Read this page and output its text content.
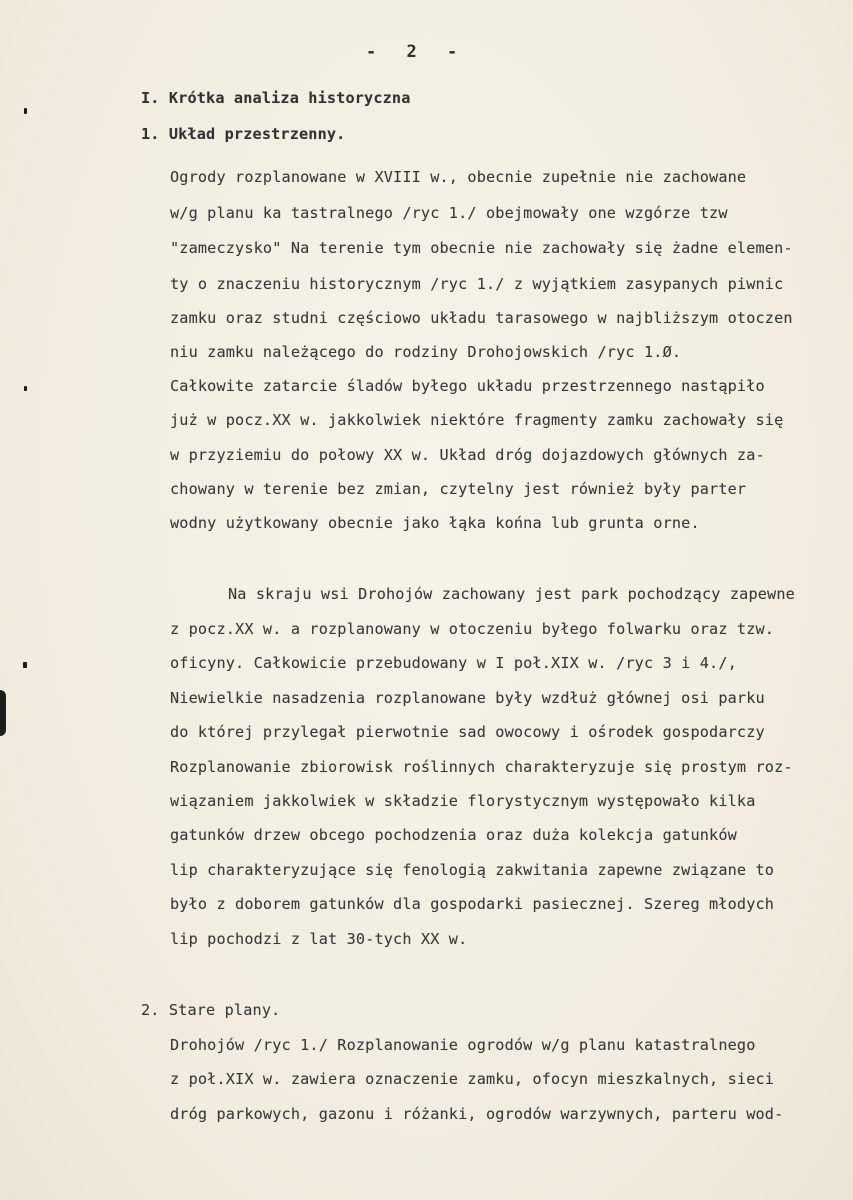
- 2 -
I. Krótka analiza historyczna
1. Układ przestrzenny.
Ogrody rozplanowane w XVIII w., obecnie zupełnie nie zachowane
w/g planu ka tastralnego /ryc 1./ obejmowały one wzgórze tzw
"zameczysko" Na terenie tym obecnie nie zachowały się żadne elemen-
ty o znaczeniu historycznym /ryc 1./ z wyjątkiem zasypanych piwnic
zamku oraz studni częściowo układu tarasowego w najbliższym otoczen
niu zamku należącego do rodziny Drohojowskich /ryc 1.Ø.
Całkowite zatarcie śladów byłego układu przestrzennego nastąpiło
już w pocz.XX w. jakkolwiek niektóre fragmenty zamku zachowały się
w przyziemiu do połowy XX w. Układ dróg dojazdowych głównych za-
chowany w terenie bez zmian, czytelny jest również były parter
wodny użytkowany obecnie jako łąka końna lub grunta orne.
Na skraju wsi Drohojów zachowany jest park pochodzący zapewne
z pocz.XX w. a rozplanowany w otoczeniu byłego folwarku oraz tzw.
oficyny. Całkowicie przebudowany w I poł.XIX w. /ryc 3 i 4./,
Niewielkie nasadzenia rozplanowane były wzdłuż głównej osi parku
do której przylegał pierwotnie sad owocowy i ośrodek gospodarczy
Rozplanowanie zbiorowisk roślinnych charakteryzuje się prostym roz-
wiązaniem jakkolwiek w składzie florystycznym występowało kilka
gatunków drzew obcego pochodzenia oraz duża kolekcja gatunków
lip charakteryzujące się fenologią zakwitania zapewne związane to
było z doborem gatunków dla gospodarki pasiecznej. Szereg młodych
lip pochodzi z lat 30-tych XX w.
2. Stare plany.
Drohojów /ryc 1./ Rozplanowanie ogrodów w/g planu katastralnego
z poł.XIX w. zawiera oznaczenie zamku, ofocyn mieszkalnych, sieci
dróg parkowych, gazonu i różanki, ogrodów warzywnych, parteru wod-
